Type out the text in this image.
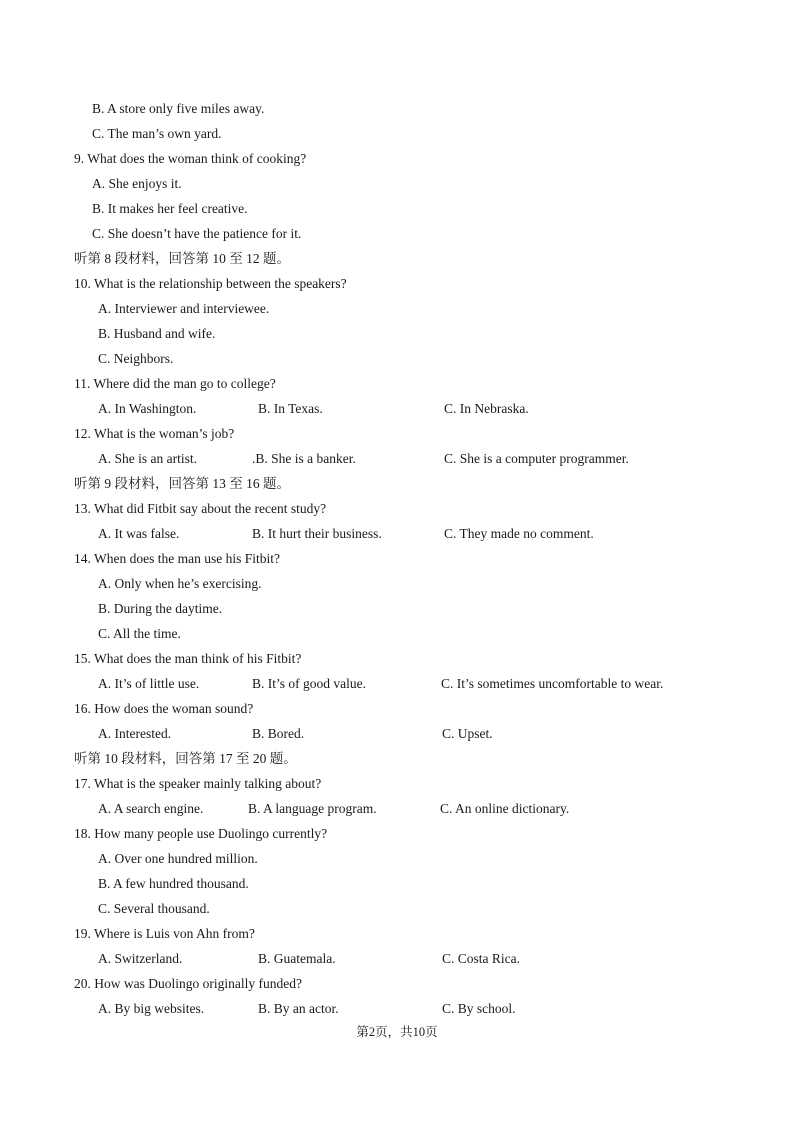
B. A store only five miles away.
C. The man’s own yard.
9. What does the woman think of cooking?
A. She enjoys it.
B. It makes her feel creative.
C. She doesn’t have the patience for it.
听第 8 段材料，回答第 10 至 12 题。
10. What is the relationship between the speakers?
A. Interviewer and interviewee.
B. Husband and wife.
C. Neighbors.
11. Where did the man go to college?
A. In Washington.	B. In Texas.	C. In Nebraska.
12. What is the woman’s job?
A. She is an artist.	.B. She is a banker.	C. She is a computer programmer.
听第 9 段材料，回答第 13 至 16 题。
13. What did Fitbit say about the recent study?
A. It was false.	B. It hurt their business.	C. They made no comment.
14. When does the man use his Fitbit?
A. Only when he’s exercising.
B. During the daytime.
C. All the time.
15. What does the man think of his Fitbit?
A. It’s of little use.	B. It’s of good value.	C. It’s sometimes uncomfortable to wear.
16. How does the woman sound?
A. Interested.	B. Bored.	C. Upset.
听第 10 段材料，回答第 17 至 20 题。
17. What is the speaker mainly talking about?
A. A search engine.	B. A language program.	C. An online dictionary.
18. How many people use Duolingo currently?
A. Over one hundred million.
B. A few hundred thousand.
C. Several thousand.
19. Where is Luis von Ahn from?
A. Switzerland.	B. Guatemala.	C. Costa Rica.
20. How was Duolingo originally funded?
A. By big websites.	B. By an actor.	C. By school.
第2页，共10页
